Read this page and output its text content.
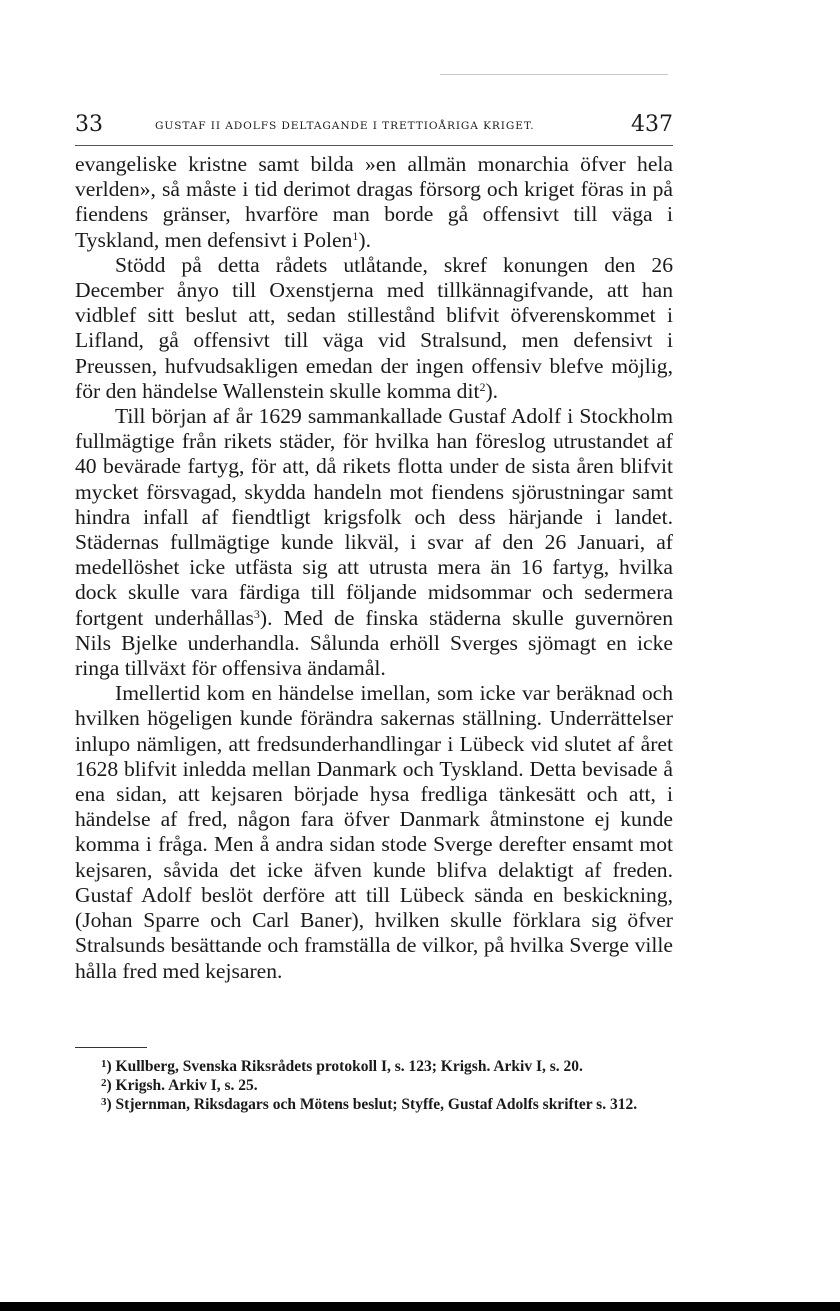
33	GUSTAF II ADOLFS DELTAGANDE I TRETTIOÅRIGA KRIGET.	437

evangeliske kristne samt bilda »en allmän monarchia öfver hela verlden», så måste i tid derimot dragas försorg och kriget föras in på fiendens gränser, hvarföre man borde gå offensivt till väga i Tyskland, men defensivt i Polen$^1$).

Stödd på detta rådets utlåtande, skref konungen den 26 December ånyo till Oxenstjerna med tillkännagifvande, att han vidblef sitt beslut att, sedan stillestånd blifvit öfverenskommet i Lifland, gå offensivt till väga vid Stralsund, men defensivt i Preussen, hufvudsakligen emedan der ingen offensiv blefve möjlig, för den händelse Wallenstein skulle komma dit$^2$).

Till början af år 1629 sammankallade Gustaf Adolf i Stockholm fullmägtige från rikets städer, för hvilka han föreslog utrustandet af 40 bevärade fartyg, för att, då rikets flotta under de sista åren blifvit mycket försvagad, skydda handeln mot fiendens sjörustningar samt hindra infall af fiendtligt krigsfolk och dess härjande i landet. Städernas fullmägtige kunde likväl, i svar af den 26 Januari, af medellöshet icke utfästa sig att utrusta mera än 16 fartyg, hvilka dock skulle vara färdiga till följande midsommar och sedermera fortgent underhållas$^3$). Med de finska städerna skulle guvernören Nils Bjelke underhandla. Sålunda erhöll Sverges sjömagt en icke ringa tillväxt för offensiva ändamål.

Imellertid kom en händelse imellan, som icke var beräknad och hvilken högeligen kunde förändra sakernas ställning. Underrättelser inlupo nämligen, att fredsunderhandlingar i Lübeck vid slutet af året 1628 blifvit inledda mellan Danmark och Tyskland. Detta bevisade å ena sidan, att kejsaren började hysa fredliga tänkesätt och att, i händelse af fred, någon fara öfver Danmark åtminstone ej kunde komma i fråga. Men å andra sidan stode Sverge derefter ensamt mot kejsaren, såvida det icke äfven kunde blifva delaktigt af freden. Gustaf Adolf beslöt derföre att till Lübeck sända en beskickning, (Johan Sparre och Carl Baner), hvilken skulle förklara sig öfver Stralsunds besättande och framställa de vilkor, på hvilka Sverge ville hålla fred med kejsaren.

$^1$) Kullberg, Svenska Riksrådets protokoll I, s. 123; Krigsh. Arkiv I, s. 20.

$^2$) Krigsh. Arkiv I, s. 25.

$^3$) Stjernman, Riksdagars och Mötens beslut; Styffe, Gustaf Adolfs skrifter s. 312.
